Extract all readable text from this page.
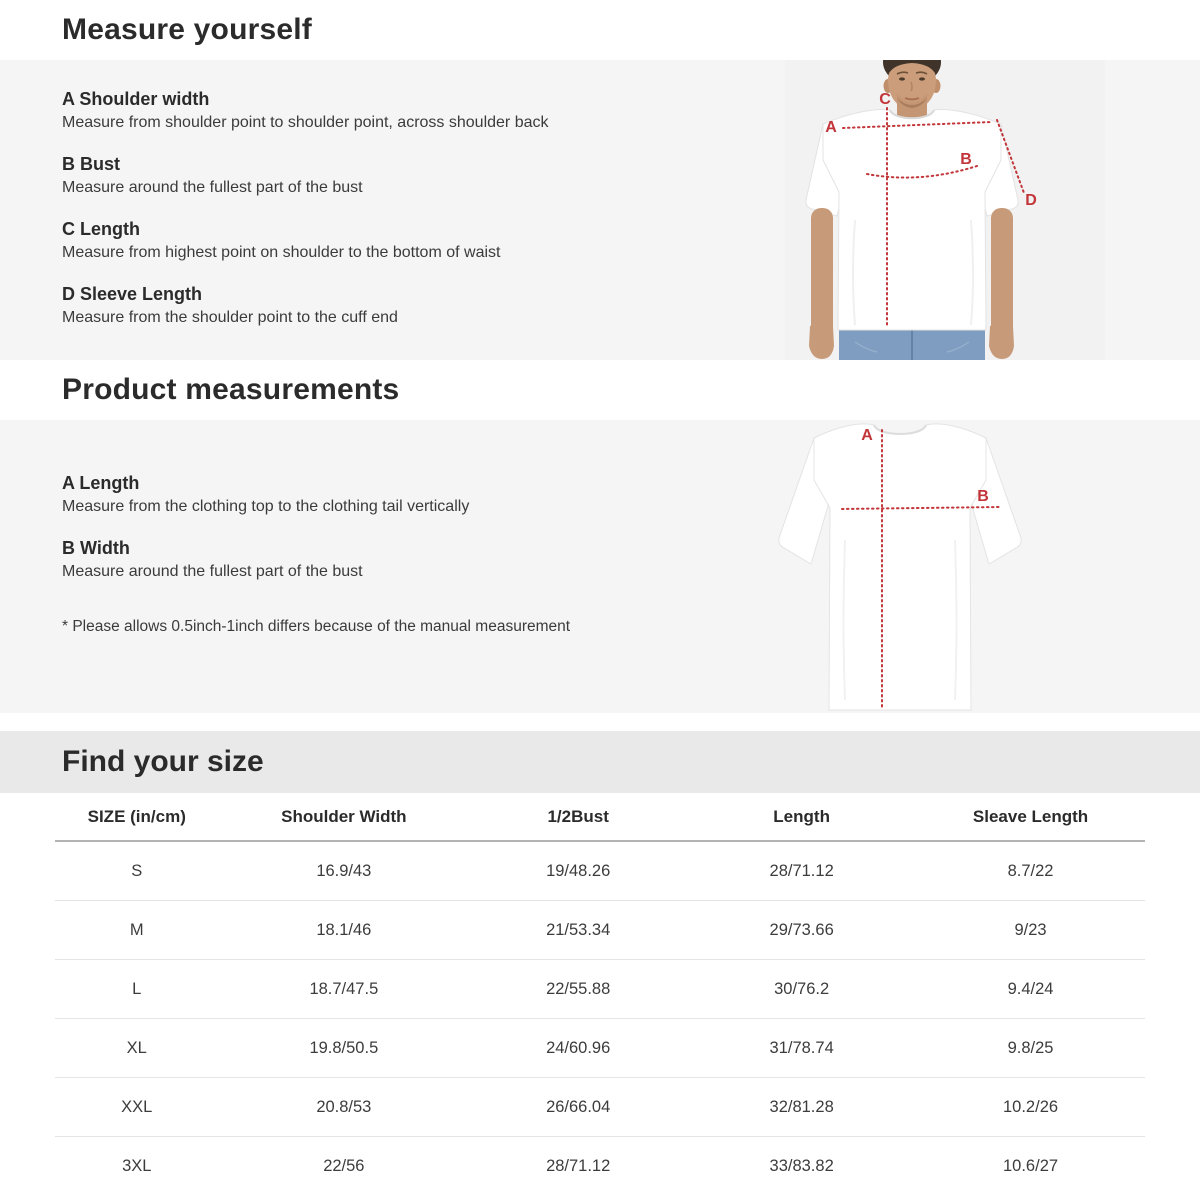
Measure yourself
A Shoulder width
Measure from shoulder point to shoulder point, across shoulder back
B Bust
Measure around the fullest part of the bust
C Length
Measure from highest point on shoulder to the bottom of waist
D Sleeve Length
Measure from the shoulder point to the cuff end
A
B
C
D
Product measurements
A Length
Measure from the clothing top to the clothing tail vertically
B Width
Measure around the fullest part of the bust
* Please allows 0.5inch-1inch differs because of the manual measurement
A
B
Find your size
SIZE (in/cm)	Shoulder Width	1/2Bust	Length	Sleave Length
S	16.9/43	19/48.26	28/71.12	8.7/22
M	18.1/46	21/53.34	29/73.66	9/23
L	18.7/47.5	22/55.88	30/76.2	9.4/24
XL	19.8/50.5	24/60.96	31/78.74	9.8/25
XXL	20.8/53	26/66.04	32/81.28	10.2/26
3XL	22/56	28/71.12	33/83.82	10.6/27
